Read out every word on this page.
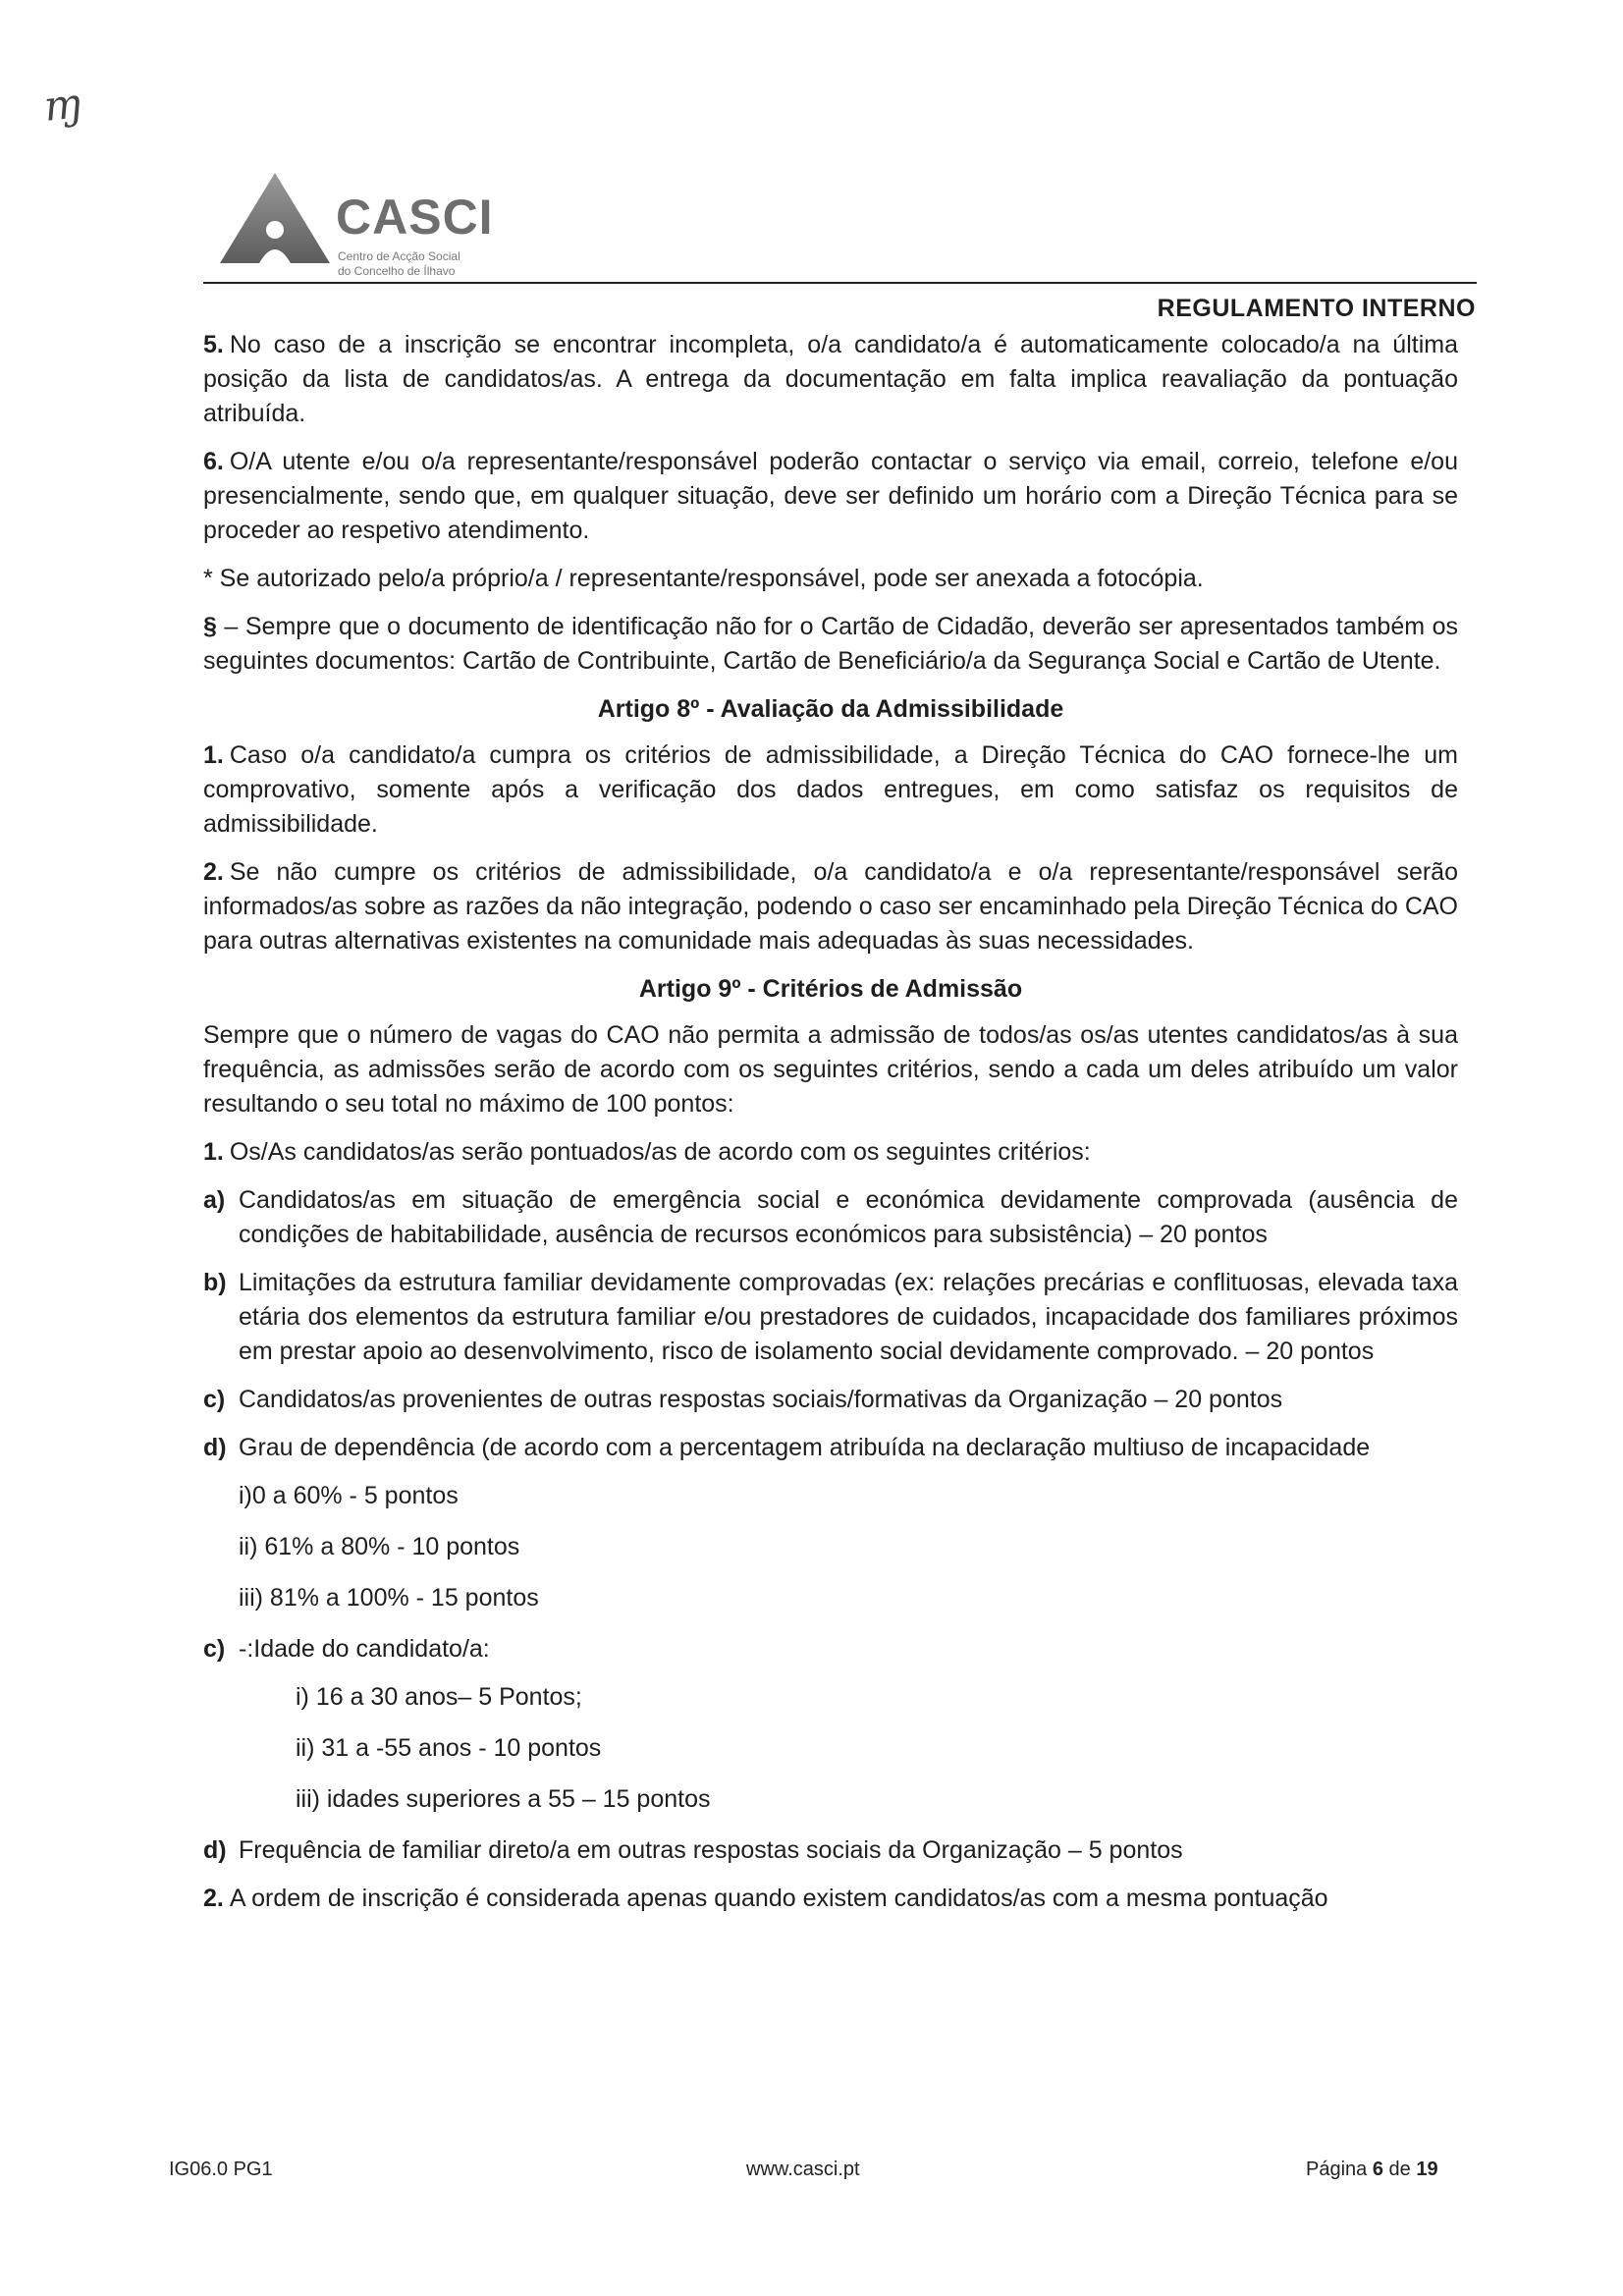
ɱ
CASCI
Centro de Acção Social
do Concelho de Ílhavo
REGULAMENTO INTERNO

5. No caso de a inscrição se encontrar incompleta, o/a candidato/a é automaticamente colocado/a na última posição da lista de candidatos/as. A entrega da documentação em falta implica reavaliação da pontuação atribuída.

6. O/A utente e/ou o/a representante/responsável poderão contactar o serviço via email, correio, telefone e/ou presencialmente, sendo que, em qualquer situação, deve ser definido um horário com a Direção Técnica para se proceder ao respetivo atendimento.

* Se autorizado pelo/a próprio/a / representante/responsável, pode ser anexada a fotocópia.

§ – Sempre que o documento de identificação não for o Cartão de Cidadão, deverão ser apresentados também os seguintes documentos: Cartão de Contribuinte, Cartão de Beneficiário/a da Segurança Social e Cartão de Utente.

Artigo 8º - Avaliação da Admissibilidade

1. Caso o/a candidato/a cumpra os critérios de admissibilidade, a Direção Técnica do CAO fornece-lhe um comprovativo, somente após a verificação dos dados entregues, em como satisfaz os requisitos de admissibilidade.

2. Se não cumpre os critérios de admissibilidade, o/a candidato/a e o/a representante/responsável serão informados/as sobre as razões da não integração, podendo o caso ser encaminhado pela Direção Técnica do CAO para outras alternativas existentes na comunidade mais adequadas às suas necessidades.

Artigo 9º - Critérios de Admissão

Sempre que o número de vagas do CAO não permita a admissão de todos/as os/as utentes candidatos/as à sua frequência, as admissões serão de acordo com os seguintes critérios, sendo a cada um deles atribuído um valor resultando o seu total no máximo de 100 pontos:

1. Os/As candidatos/as serão pontuados/as de acordo com os seguintes critérios:

a) Candidatos/as em situação de emergência social e económica devidamente comprovada (ausência de condições de habitabilidade, ausência de recursos económicos para subsistência) – 20 pontos
b) Limitações da estrutura familiar devidamente comprovadas (ex: relações precárias e conflituosas, elevada taxa etária dos elementos da estrutura familiar e/ou prestadores de cuidados, incapacidade dos familiares próximos em prestar apoio ao desenvolvimento, risco de isolamento social devidamente comprovado. – 20 pontos
c) Candidatos/as provenientes de outras respostas sociais/formativas da Organização – 20 pontos
d) Grau de dependência (de acordo com a percentagem atribuída na declaração multiuso de incapacidade
i)0 a 60% - 5 pontos
ii) 61% a 80% - 10 pontos
iii) 81% a 100% - 15 pontos
c) -:Idade do candidato/a:
i) 16 a 30 anos– 5 Pontos;
ii) 31 a -55 anos - 10 pontos
iii) idades superiores a 55 – 15 pontos
d) Frequência de familiar direto/a em outras respostas sociais da Organização – 5 pontos

2. A ordem de inscrição é considerada apenas quando existem candidatos/as com a mesma pontuação

IG06.0 PG1	www.casci.pt	Página 6 de 19
